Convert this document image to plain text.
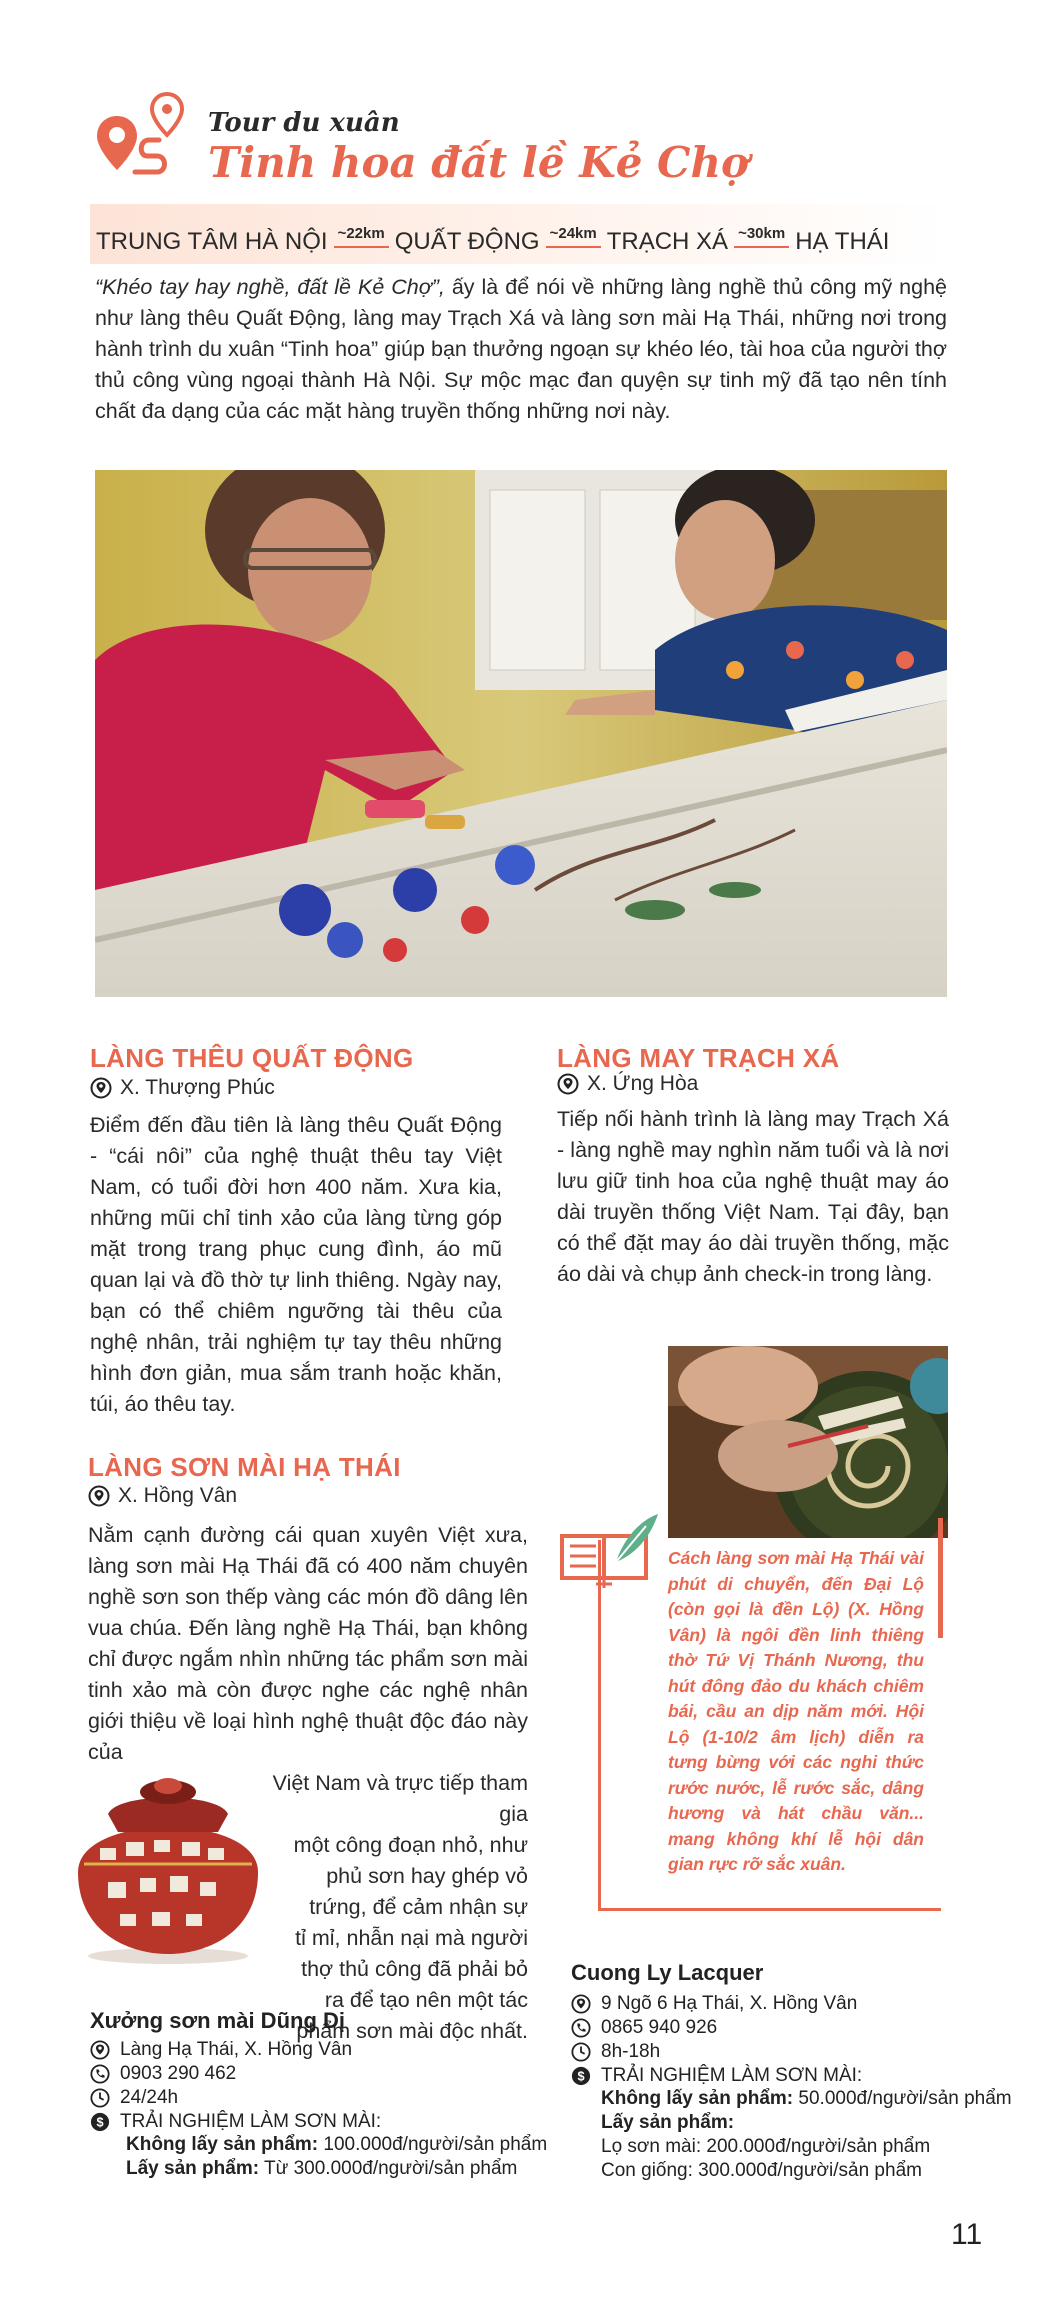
Tour du xuân
Tinh hoa đất lề Kẻ Chợ
TRUNG TÂM HÀ NỘI ~22km QUẤT ĐỘNG ~24km TRẠCH XÁ ~30km HẠ THÁI
“Khéo tay hay nghề, đất lề Kẻ Chợ”, ấy là để nói về những làng nghề thủ công mỹ nghệ như làng thêu Quất Động, làng may Trạch Xá và làng sơn mài Hạ Thái, những nơi trong hành trình du xuân “Tinh hoa” giúp bạn thưởng ngoạn sự khéo léo, tài hoa của người thợ thủ công vùng ngoại thành Hà Nội. Sự mộc mạc đan quyện sự tinh mỹ đã tạo nên tính chất đa dạng của các mặt hàng truyền thống những nơi này.
LÀNG THÊU QUẤT ĐỘNG
X. Thượng Phúc
Điểm đến đầu tiên là làng thêu Quất Động - “cái nôi” của nghệ thuật thêu tay Việt Nam, có tuổi đời hơn 400 năm. Xưa kia, những mũi chỉ tinh xảo của làng từng góp mặt trong trang phục cung đình, áo mũ quan lại và đồ thờ tự linh thiêng. Ngày nay, bạn có thể chiêm ngưỡng tài thêu của nghệ nhân, trải nghiệm tự tay thêu những hình đơn giản, mua sắm tranh hoặc khăn, túi, áo thêu tay.
LÀNG MAY TRẠCH XÁ
X. Ứng Hòa
Tiếp nối hành trình là làng may Trạch Xá - làng nghề may nghìn năm tuổi và là nơi lưu giữ tinh hoa của nghệ thuật may áo dài truyền thống Việt Nam. Tại đây, bạn có thể đặt may áo dài truyền thống, mặc áo dài và chụp ảnh check-in trong làng.
LÀNG SƠN MÀI HẠ THÁI
X. Hồng Vân
Nằm cạnh đường cái quan xuyên Việt xưa, làng sơn mài Hạ Thái đã có 400 năm chuyên nghề sơn son thếp vàng các món đồ dâng lên vua chúa. Đến làng nghề Hạ Thái, bạn không chỉ được ngắm nhìn những tác phẩm sơn mài tinh xảo mà còn được nghe các nghệ nhân giới thiệu về loại hình nghệ thuật độc đáo này của
Việt Nam và trực tiếp tham gia
một công đoạn nhỏ, như
phủ sơn hay ghép vỏ
trứng, để cảm nhận sự
tỉ mỉ, nhẫn nại mà người
thợ thủ công đã phải bỏ
ra để tạo nên một tác
phẩm sơn mài độc nhất.
Cách làng sơn mài Hạ Thái vài phút di chuyển, đến Đại Lộ (còn gọi là đền Lộ) (X. Hồng Vân) là ngôi đền linh thiêng thờ Tứ Vị Thánh Nương, thu hút đông đảo du khách chiêm bái, cầu an dịp năm mới. Hội Lộ (1-10/2 âm lịch) diễn ra tưng bừng với các nghi thức rước nước, lễ rước sắc, dâng hương và hát chầu văn... mang không khí lễ hội dân gian rực rỡ sắc xuân.
Cuong Ly Lacquer
9 Ngõ 6 Hạ Thái, X. Hồng Vân
0865 940 926
8h-18h
$ TRẢI NGHIỆM LÀM SƠN MÀI:
Không lấy sản phẩm: 50.000đ/người/sản phẩm
Lấy sản phẩm:
Lọ sơn mài: 200.000đ/người/sản phẩm
Con giống: 300.000đ/người/sản phẩm
Xưởng sơn mài Dũng Dị
Làng Hạ Thái, X. Hồng Vân
0903 290 462
24/24h
$ TRẢI NGHIỆM LÀM SƠN MÀI:
Không lấy sản phẩm: 100.000đ/người/sản phẩm
Lấy sản phẩm: Từ 300.000đ/người/sản phẩm
11
